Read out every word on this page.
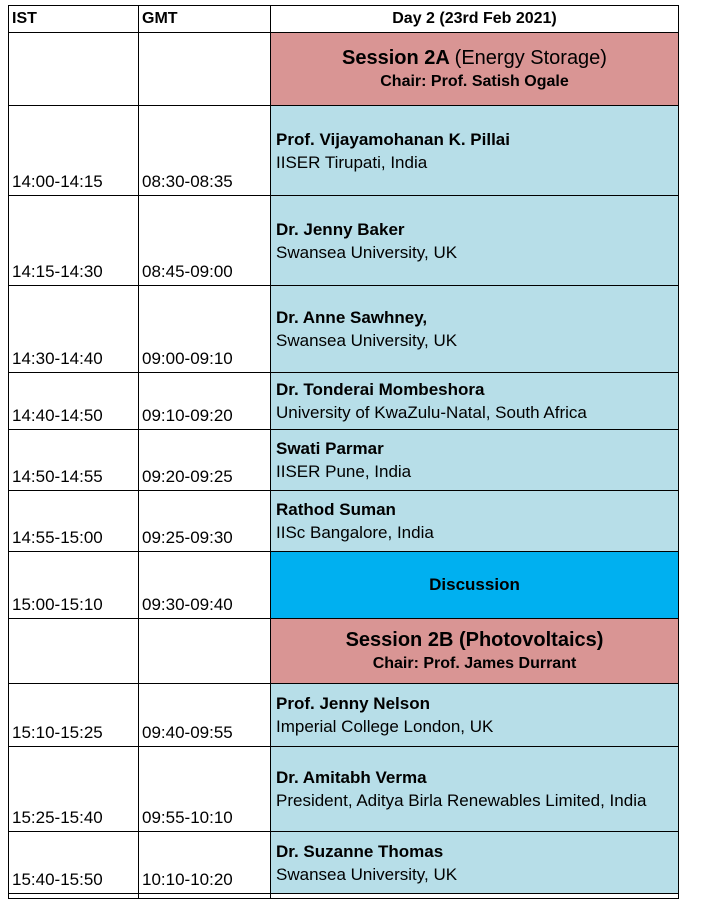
IST	GMT	Day 2 (23rd Feb 2021)

		Session 2A (Energy Storage)
Chair: Prof. Satish Ogale

14:00-14:15	08:30-08:35	Prof. Vijayamohanan K. Pillai
IISER Tirupati, India

14:15-14:30	08:45-09:00	Dr. Jenny Baker
Swansea University, UK

14:30-14:40	09:00-09:10	Dr. Anne Sawhney,
Swansea University, UK

14:40-14:50	09:10-09:20	Dr. Tonderai Mombeshora
University of KwaZulu-Natal, South Africa

14:50-14:55	09:20-09:25	Swati Parmar
IISER Pune, India

14:55-15:00	09:25-09:30	Rathod Suman
IISc Bangalore, India

15:00-15:10	09:30-09:40	Discussion

		Session 2B (Photovoltaics)
Chair: Prof. James Durrant

15:10-15:25	09:40-09:55	Prof. Jenny Nelson
Imperial College London, UK

15:25-15:40	09:55-10:10	Dr. Amitabh Verma
President, Aditya Birla Renewables Limited, India

15:40-15:50	10:10-10:20	Dr. Suzanne Thomas
Swansea University, UK
